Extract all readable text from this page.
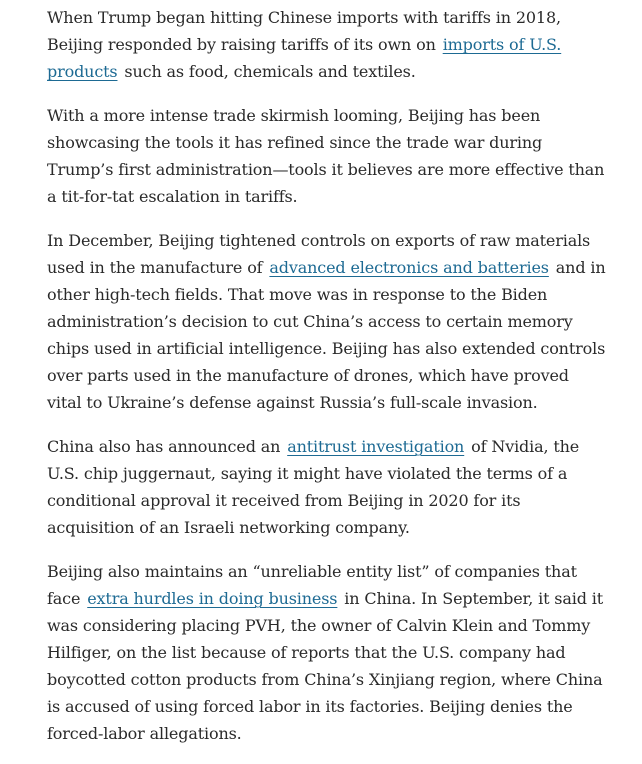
When Trump began hitting Chinese imports with tariffs in 2018, Beijing responded by raising tariffs of its own on imports of U.S. products such as food, chemicals and textiles.

With a more intense trade skirmish looming, Beijing has been showcasing the tools it has refined since the trade war during Trump’s first administration—tools it believes are more effective than a tit-for-tat escalation in tariffs.

In December, Beijing tightened controls on exports of raw materials used in the manufacture of advanced electronics and batteries and in other high-tech fields. That move was in response to the Biden administration’s decision to cut China’s access to certain memory chips used in artificial intelligence. Beijing has also extended controls over parts used in the manufacture of drones, which have proved vital to Ukraine’s defense against Russia’s full-scale invasion.

China also has announced an antitrust investigation of Nvidia, the U.S. chip juggernaut, saying it might have violated the terms of a conditional approval it received from Beijing in 2020 for its acquisition of an Israeli networking company.

Beijing also maintains an “unreliable entity list” of companies that face extra hurdles in doing business in China. In September, it said it was considering placing PVH, the owner of Calvin Klein and Tommy Hilfiger, on the list because of reports that the U.S. company had boycotted cotton products from China’s Xinjiang region, where China is accused of using forced labor in its factories. Beijing denies the forced-labor allegations.
